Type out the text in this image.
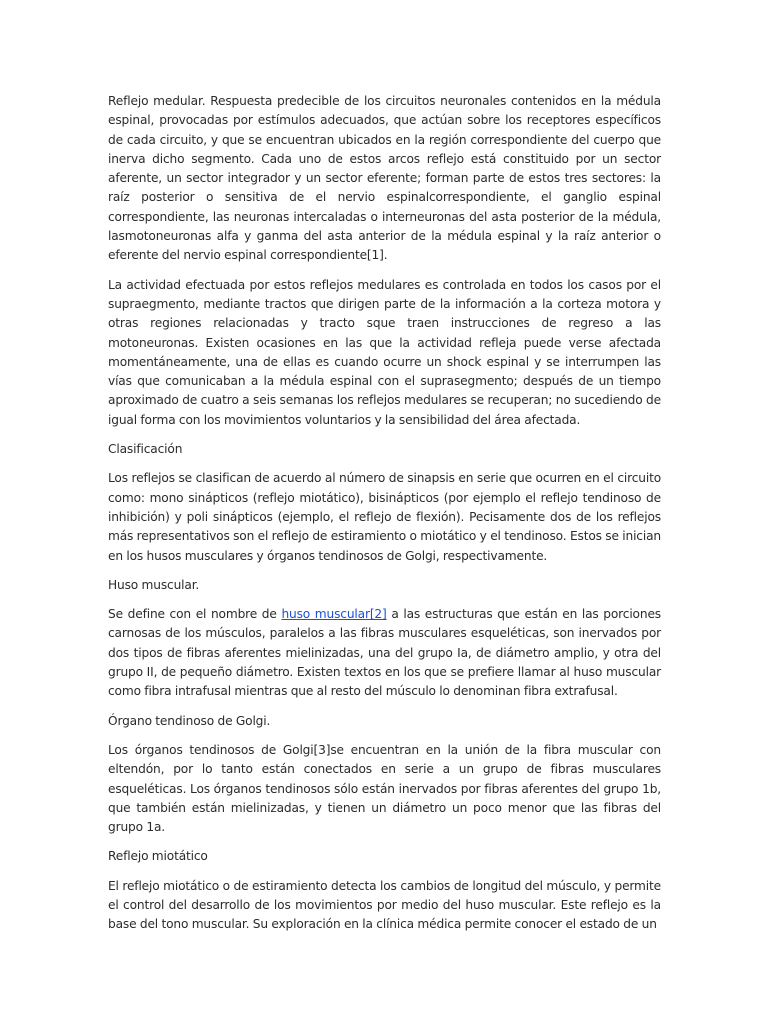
Reflejo medular. Respuesta predecible de los circuitos neuronales contenidos en la médula espinal, provocadas por estímulos adecuados, que actúan sobre los receptores específicos de cada circuito, y que se encuentran ubicados en la región correspondiente del cuerpo que inerva dicho segmento. Cada uno de estos arcos reflejo está constituido por un sector aferente, un sector integrador y un sector eferente; forman parte de estos tres sectores: la raíz posterior o sensitiva de el nervio espinalcorrespondiente, el ganglio espinal correspondiente, las neuronas intercaladas o interneuronas del asta posterior de la médula, lasmotoneuronas alfa y ganma del asta anterior de la médula espinal y la raíz anterior o eferente del nervio espinal correspondiente[1].

La actividad efectuada por estos reflejos medulares es controlada en todos los casos por el supraegmento, mediante tractos que dirigen parte de la información a la corteza motora y otras regiones relacionadas y tracto sque traen instrucciones de regreso a las motoneuronas. Existen ocasiones en las que la actividad refleja puede verse afectada momentáneamente, una de ellas es cuando ocurre un shock espinal y se interrumpen las vías que comunicaban a la médula espinal con el suprasegmento; después de un tiempo aproximado de cuatro a seis semanas los reflejos medulares se recuperan; no sucediendo de igual forma con los movimientos voluntarios y la sensibilidad del área afectada.

Clasificación

Los reflejos se clasifican de acuerdo al número de sinapsis en serie que ocurren en el circuito como: mono sinápticos (reflejo miotático), bisinápticos (por ejemplo el reflejo tendinoso de inhibición) y poli sinápticos (ejemplo, el reflejo de flexión). Pecisamente dos de los reflejos más representativos son el reflejo de estiramiento o miotático y el tendinoso. Estos se inician en los husos musculares y órganos tendinosos de Golgi, respectivamente.

Huso muscular.

Se define con el nombre de huso muscular[2] a las estructuras que están en las porciones carnosas de los músculos, paralelos a las fibras musculares esqueléticas, son inervados por dos tipos de fibras aferentes mielinizadas, una del grupo Ia, de diámetro amplio, y otra del grupo II, de pequeño diámetro. Existen textos en los que se prefiere llamar al huso muscular como fibra intrafusal mientras que al resto del músculo lo denominan fibra extrafusal.

Órgano tendinoso de Golgi.

Los órganos tendinosos de Golgi[3]se encuentran en la unión de la fibra muscular con eltendón, por lo tanto están conectados en serie a un grupo de fibras musculares esqueléticas. Los órganos tendinosos sólo están inervados por fibras aferentes del grupo 1b, que también están mielinizadas, y tienen un diámetro un poco menor que las fibras del grupo 1a.

Reflejo miotático

El reflejo miotático o de estiramiento detecta los cambios de longitud del músculo, y permite el control del desarrollo de los movimientos por medio del huso muscular. Este reflejo es la base del tono muscular. Su exploración en la clínica médica permite conocer el estado de un
